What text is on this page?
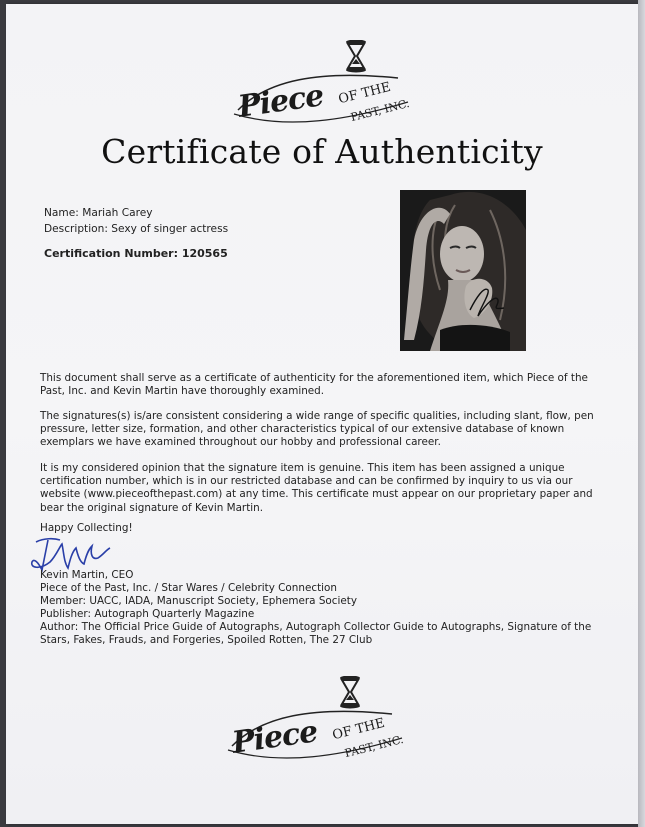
Piece OF THE
PAST, INC.
Certificate of Authenticity
Name: Mariah Carey
Description: Sexy of singer actress
Certification Number: 120565
This document shall serve as a certificate of authenticity for the aforementioned item, which Piece of the Past, Inc. and Kevin Martin have thoroughly examined.
The signatures(s) is/are consistent considering a wide range of specific qualities, including slant, flow, pen pressure, letter size, formation, and other characteristics typical of our extensive database of known exemplars we have examined throughout our hobby and professional career.
It is my considered opinion that the signature item is genuine. This item has been assigned a unique certification number, which is in our restricted database and can be confirmed by inquiry to us via our website (www.pieceofthepast.com) at any time. This certificate must appear on our proprietary paper and bear the original signature of Kevin Martin.
Happy Collecting!
Kevin Martin, CEO
Piece of the Past, Inc. / Star Wares / Celebrity Connection
Member: UACC, IADA, Manuscript Society, Ephemera Society
Publisher: Autograph Quarterly Magazine
Author: The Official Price Guide of Autographs, Autograph Collector Guide to Autographs, Signature of the Stars, Fakes, Frauds, and Forgeries, Spoiled Rotten, The 27 Club
Piece OF THE
PAST, INC.
